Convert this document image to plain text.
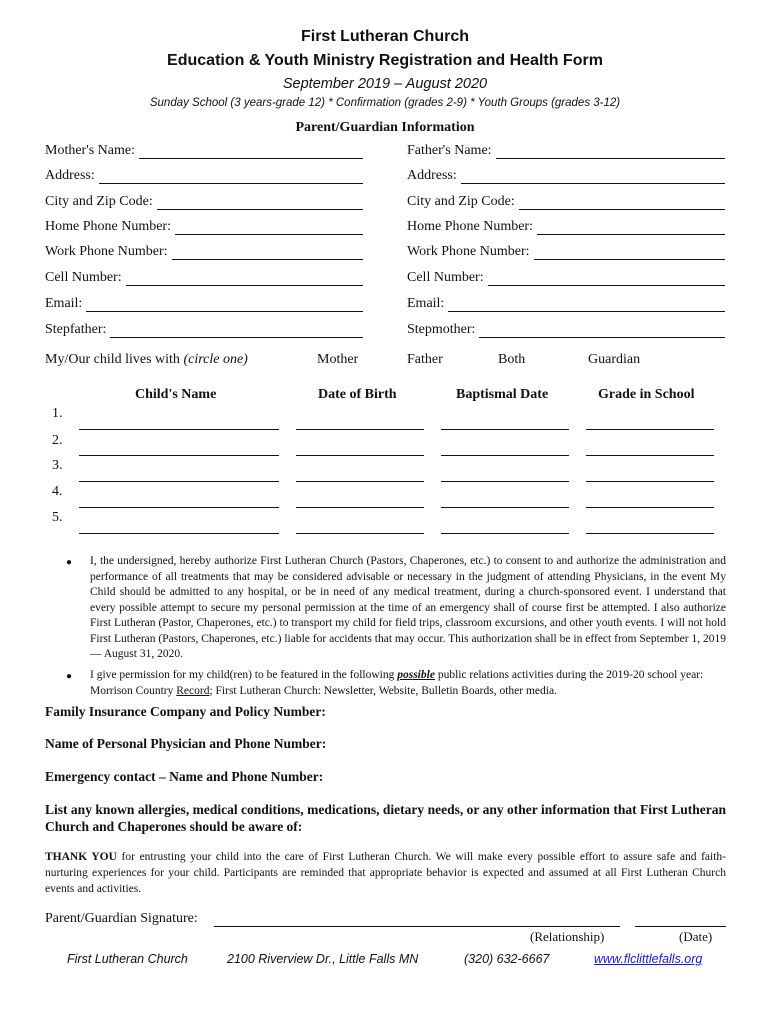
First Lutheran Church
Education & Youth Ministry Registration and Health Form
September 2019 – August 2020
Sunday School (3 years-grade 12) * Confirmation (grades 2-9) * Youth Groups (grades 3-12)
Parent/Guardian Information
Mother's Name:
Address:
City and Zip Code:
Home Phone Number:
Work Phone Number:
Cell Number:
Email:
Stepfather:
Father's Name:
Address:
City and Zip Code:
Home Phone Number:
Work Phone Number:
Cell Number:
Email:
Stepmother:
My/Our child lives with (circle one)	Mother	Father	Both	Guardian
Child's Name	Date of Birth	Baptismal Date	Grade in School
1.
2.
3.
4.
5.
● I, the undersigned, hereby authorize First Lutheran Church (Pastors, Chaperones, etc.) to consent to and authorize the administration and performance of all treatments that may be considered advisable or necessary in the judgment of attending Physicians, in the event My Child should be admitted to any hospital, or be in need of any medical treatment, during a church-sponsored event. I understand that every possible attempt to secure my personal permission at the time of an emergency shall of course first be attempted. I also authorize First Lutheran (Pastor, Chaperones, etc.) to transport my child for field trips, classroom excursions, and other youth events. I will not hold First Lutheran (Pastors, Chaperones, etc.) liable for accidents that may occur. This authorization shall be in effect from September 1, 2019— August 31, 2020.
● I give permission for my child(ren) to be featured in the following possible public relations activities during the 2019-20 school year: Morrison Country Record; First Lutheran Church: Newsletter, Website, Bulletin Boards, other media.
Family Insurance Company and Policy Number:
Name of Personal Physician and Phone Number:
Emergency contact – Name and Phone Number:
List any known allergies, medical conditions, medications, dietary needs, or any other information that First Lutheran Church and Chaperones should be aware of:
THANK YOU for entrusting your child into the care of First Lutheran Church. We will make every possible effort to assure safe and faith-nurturing experiences for your child. Participants are reminded that appropriate behavior is expected and assumed at all First Lutheran Church events and activities.
Parent/Guardian Signature:
(Relationship)	(Date)
First Lutheran Church	2100 Riverview Dr., Little Falls MN	(320) 632-6667	www.flclittlefalls.org
